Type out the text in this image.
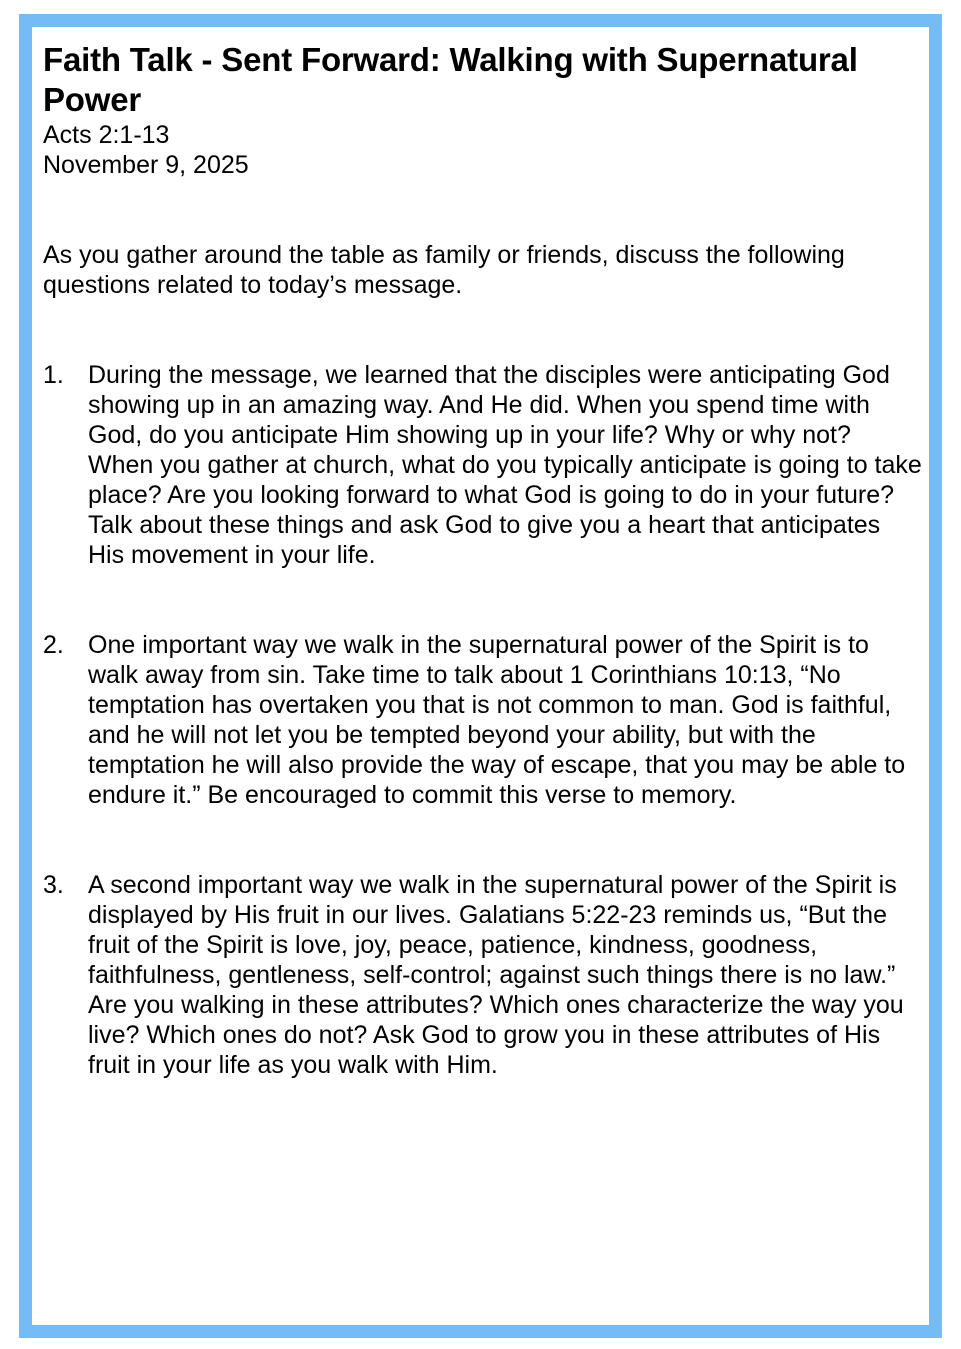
Faith Talk - Sent Forward: Walking with Supernatural Power

Acts 2:1-13

November 9, 2025

As you gather around the table as family or friends, discuss the following questions related to today’s message.

1. During the message, we learned that the disciples were anticipating God showing up in an amazing way. And He did. When you spend time with God, do you anticipate Him showing up in your life? Why or why not? When you gather at church, what do you typically anticipate is going to take place? Are you looking forward to what God is going to do in your future? Talk about these things and ask God to give you a heart that anticipates His movement in your life.
2. One important way we walk in the supernatural power of the Spirit is to walk away from sin. Take time to talk about 1 Corinthians 10:13, “No temptation has overtaken you that is not common to man. God is faithful, and he will not let you be tempted beyond your ability, but with the temptation he will also provide the way of escape, that you may be able to endure it.” Be encouraged to commit this verse to memory.
3. A second important way we walk in the supernatural power of the Spirit is displayed by His fruit in our lives. Galatians 5:22-23 reminds us, “But the fruit of the Spirit is love, joy, peace, patience, kindness, goodness, faithfulness, gentleness, self-control; against such things there is no law.” Are you walking in these attributes? Which ones characterize the way you live? Which ones do not? Ask God to grow you in these attributes of His fruit in your life as you walk with Him.
